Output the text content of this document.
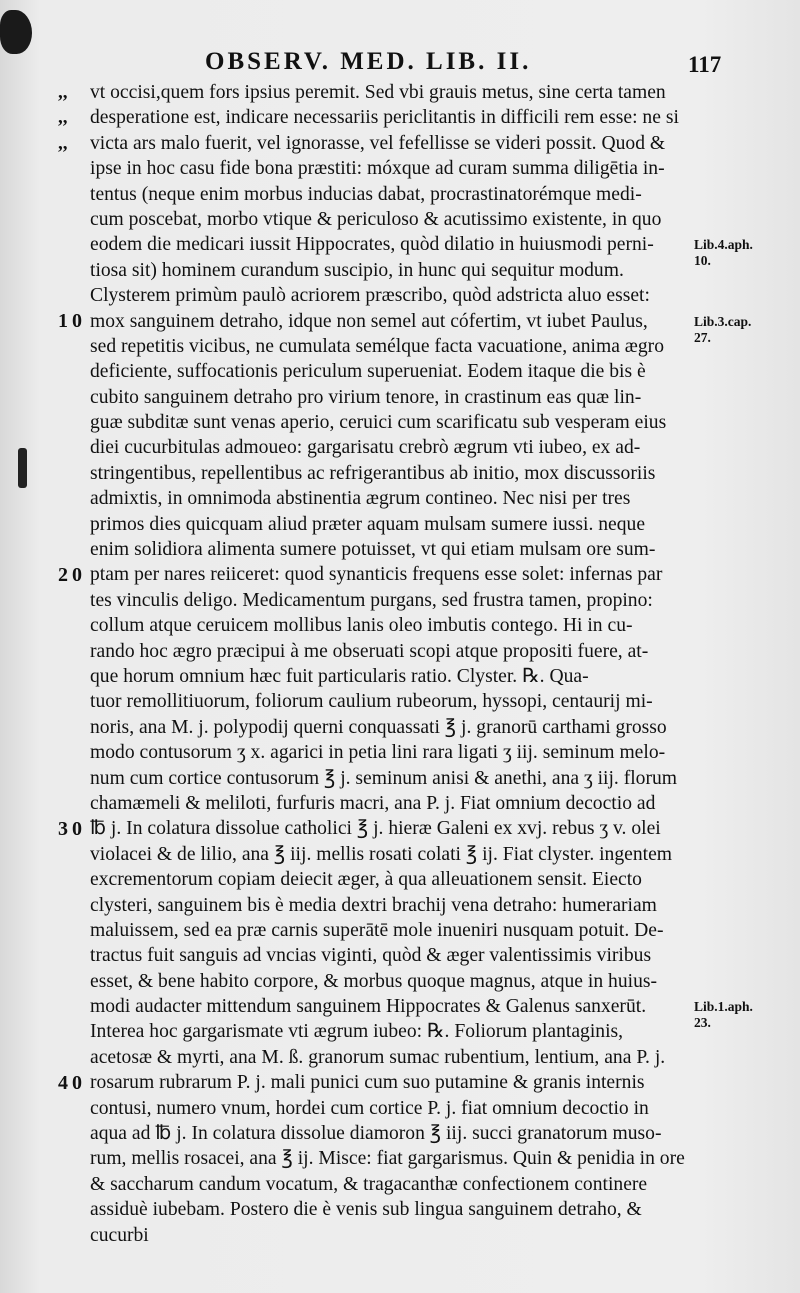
OBSERV. MED. LIB. II.	117
,,
,,
,,
vt occisi,quem fors ipsius peremit. Sed vbi grauis metus, sine certa tamen
desperatione est, indicare necessariis periclitantis in difficili rem esse: ne si
victa ars malo fuerit, vel ignorasse, vel fefellisse se videri possit. Quod &
ipse in hoc casu fide bona præstiti: móxque ad curam summa diligētia in-
tentus (neque enim morbus inducias dabat, procrastinatorémque medi-
cum poscebat, morbo vtique & periculoso & acutissimo existente, in quo
eodem die medicari iussit Hippocrates, quòd dilatio in huiusmodi perni-
tiosa sit) hominem curandum suscipio, in hunc qui sequitur modum.
Clysterem primùm paulò acriorem præscribo, quòd adstricta aluo esset:
mox sanguinem detraho, idque non semel aut cófertim, vt iubet Paulus,
sed repetitis vicibus, ne cumulata semélque facta vacuatione, anima ægro
deficiente, suffocationis periculum superueniat. Eodem itaque die bis è
cubito sanguinem detraho pro virium tenore, in crastinum eas quæ lin-
guæ subditæ sunt venas aperio, ceruici cum scarificatu sub vesperam eius
diei cucurbitulas admoueo: gargarisatu crebrò ægrum vti iubeo, ex ad-
stringentibus, repellentibus ac refrigerantibus ab initio, mox discussoriis
admixtis, in omnimoda abstinentia ægrum contineo. Nec nisi per tres
primos dies quicquam aliud præter aquam mulsam sumere iussi. neque
enim solidiora alimenta sumere potuisset, vt qui etiam mulsam ore sum-
ptam per nares reiiceret: quod synanticis frequens esse solet: infernas par
tes vinculis deligo. Medicamentum purgans, sed frustra tamen, propino:
collum atque ceruicem mollibus lanis oleo imbutis contego. Hi in cu-
rando hoc ægro præcipui à me obseruati scopi atque propositi fuere, at-
que horum omnium hæc fuit particularis ratio. Clyster. ℞. Qua-
tuor remollitiuorum, foliorum caulium rubeorum, hyssopi, centaurij mi-
noris, ana M. j. polypodij querni conquassati ℥ j. granorū carthami grosso
modo contusorum ʒ x. agarici in petia lini rara ligati ʒ iij. seminum melo-
num cum cortice contusorum ℥ j. seminum anisi & anethi, ana ʒ iij. florum
chamæmeli & meliloti, furfuris macri, ana P. j. Fiat omnium decoctio ad
℔ j. In colatura dissolue catholici ℥ j. hieræ Galeni ex xvj. rebus ʒ v. olei
violacei & de lilio, ana ℥ iij. mellis rosati colati ℥ ij. Fiat clyster. ingentem
excrementorum copiam deiecit æger, à qua alleuationem sensit. Eiecto
clysteri, sanguinem bis è media dextri brachij vena detraho: humerariam
maluissem, sed ea præ carnis superātē mole inueniri nusquam potuit. De-
tractus fuit sanguis ad vncias viginti, quòd & æger valentissimis viribus
esset, & bene habito corpore, & morbus quoque magnus, atque in huius-
modi audacter mittendum sanguinem Hippocrates & Galenus sanxerūt.
Interea hoc gargarismate vti ægrum iubeo: ℞. Foliorum plantaginis,
acetosæ & myrti, ana M. ß. granorum sumac rubentium, lentium, ana P. j.
rosarum rubrarum P. j. mali punici cum suo putamine & granis internis
contusi, numero vnum, hordei cum cortice P. j. fiat omnium decoctio in
aqua ad ℔ j. In colatura dissolue diamoron ℥ iij. succi granatorum muso-
rum, mellis rosacei, ana ℥ ij. Misce: fiat gargarismus. Quin & penidia in ore
& saccharum candum vocatum, & tragacanthæ confectionem continere
assiduè iubebam. Postero die è venis sub lingua sanguinem detraho, &
cucurbi
10
20
30
40
Lib.4.aph.
10.
Lib.3.cap.
27.
Lib.1.aph.
23.
